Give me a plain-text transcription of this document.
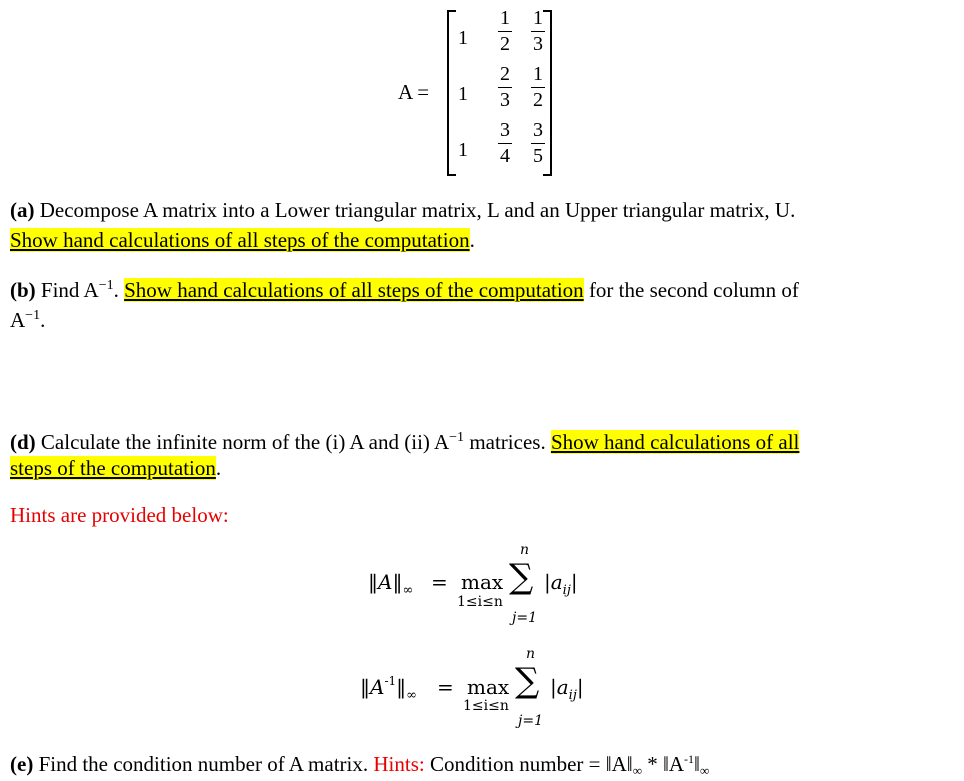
A =
1
1
1
1
2
2
3
3
4
1
3
1
2
3
5
(a) Decompose A matrix into a Lower triangular matrix, L and an Upper triangular matrix, U.
Show hand calculations of all steps of the computation.
(b) Find $A^{-1}$. Show hand calculations of all steps of the computation for the second column of
$A^{-1}$.
(d) Calculate the infinite norm of the (i) A and (ii) $A^{-1}$ matrices. Show hand calculations of all
steps of the computation.
Hints are provided below:
$‖A‖_\infty = \max$
1≤i≤n
n
∑
j=1
$|a_{ij}|$
$‖A^{-1}‖_\infty = \max$
1≤i≤n
n
∑
j=1
$|a_{ij}|$
(e) Find the condition number of A matrix. Hints: Condition number = ‖A‖∞ * $‖A^{-1}‖\infty$
